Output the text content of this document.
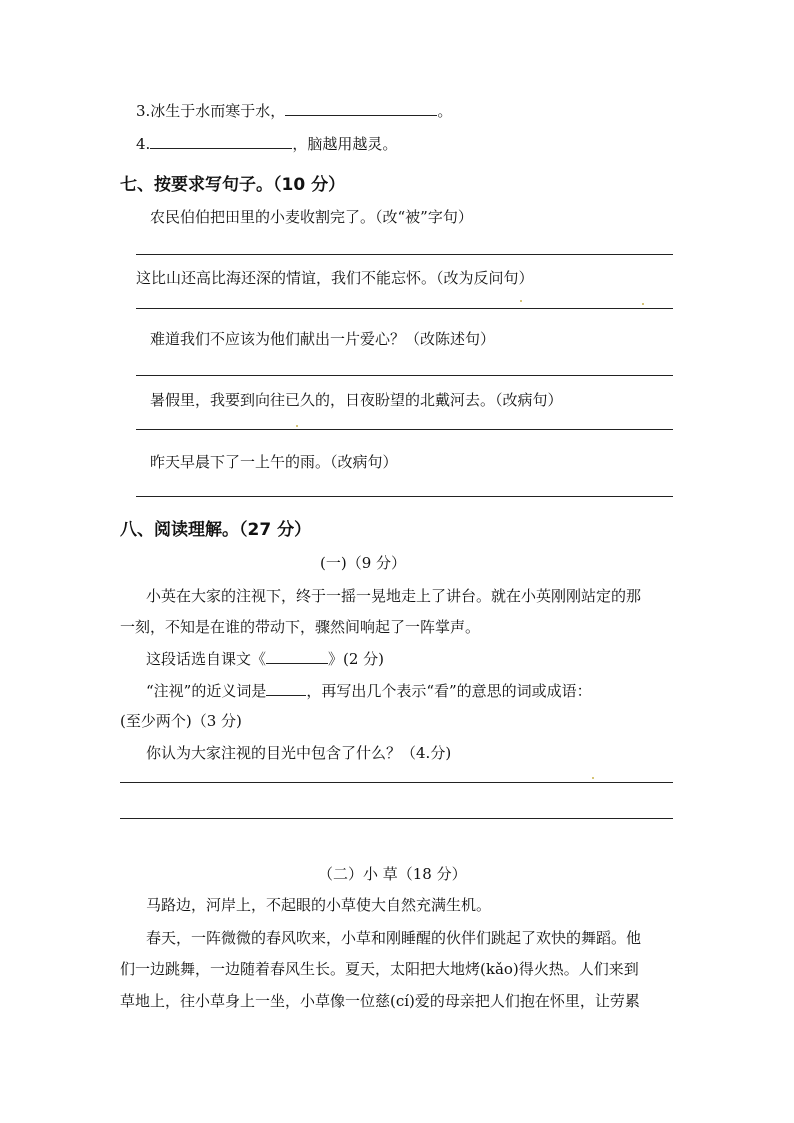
3.冰生于水而寒于水，	。
4.	，脑越用越灵。
七、按要求写句子。（10 分）
农民伯伯把田里的小麦收割完了。（改“被”字句）
这比山还高比海还深的情谊，我们不能忘怀。（改为反问句）
难道我们不应该为他们献出一片爱心？（改陈述句）
暑假里，我要到向往已久的，日夜盼望的北戴河去。（改病句）
昨天早晨下了一上午的雨。（改病句）
八、阅读理解。（27 分）
(一)（9 分）
小英在大家的注视下，终于一摇一晃地走上了讲台。就在小英刚刚站定的那
一刻，不知是在谁的带动下，骤然间响起了一阵掌声。
这段话选自课文《	》(2 分)
“注视”的近义词是	，再写出几个表示“看”的意思的词或成语：
(至少两个)（3 分)
你认为大家注视的目光中包含了什么？（4.分)
（二）小 草（18 分）
马路边，河岸上，不起眼的小草使大自然充满生机。
春天，一阵微微的春风吹来，小草和刚睡醒的伙伴们跳起了欢快的舞蹈。他
们一边跳舞，一边随着春风生长。夏天，太阳把大地烤(kǎo)得火热。人们来到
草地上，往小草身上一坐，小草像一位慈(cí)爱的母亲把人们抱在怀里，让劳累
